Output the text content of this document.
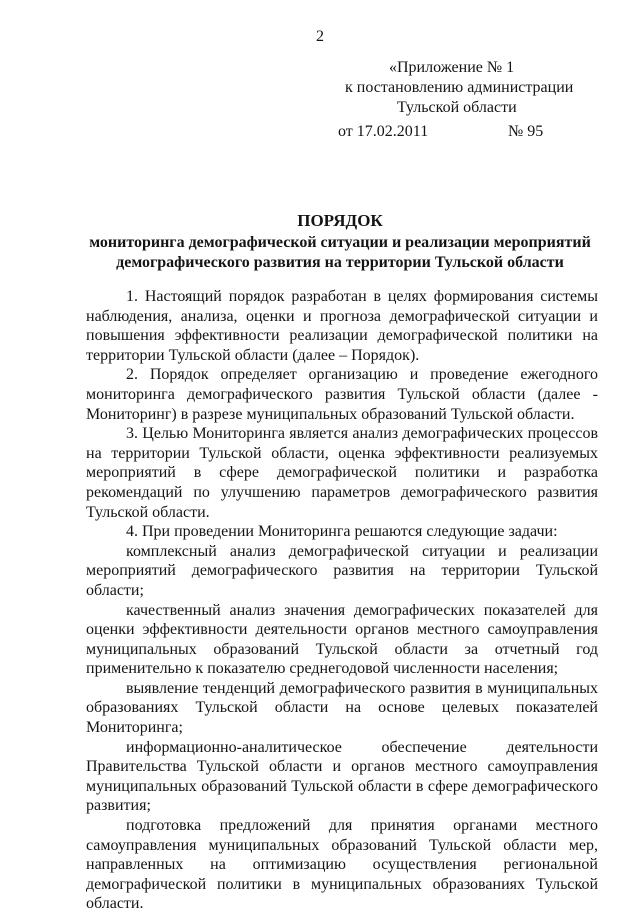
2
«Приложение № 1
к постановлению администрации
Тульской области
от 17.02.2011	№ 95
ПОРЯДОК
мониторинга демографической ситуации и реализации мероприятий демографического развития на территории Тульской области

1. Настоящий порядок разработан в целях формирования системы наблюдения, анализа, оценки и прогноза демографической ситуации и повышения эффективности реализации демографической политики на территории Тульской области (далее – Порядок).

2. Порядок определяет организацию и проведение ежегодного мониторинга демографического развития Тульской области (далее - Мониторинг) в разрезе муниципальных образований Тульской области.

3. Целью Мониторинга является анализ демографических процессов на территории Тульской области, оценка эффективности реализуемых мероприятий в сфере демографической политики и разработка рекомендаций по улучшению параметров демографического развития Тульской области.

4. При проведении Мониторинга решаются следующие задачи:

комплексный анализ демографической ситуации и реализации мероприятий демографического развития на территории Тульской области;

качественный анализ значения демографических показателей для оценки эффективности деятельности органов местного самоуправления муниципальных образований Тульской области за отчетный год применительно к показателю среднегодовой численности населения;

выявление тенденций демографического развития в муниципальных образованиях Тульской области на основе целевых показателей Мониторинга;

информационно-аналитическое обеспечение деятельности Правительства Тульской области и органов местного самоуправления муниципальных образований Тульской области в сфере демографического развития;

подготовка предложений для принятия органами местного самоуправления муниципальных образований Тульской области мер, направленных на оптимизацию осуществления региональной демографической политики в муниципальных образованиях Тульской области.
